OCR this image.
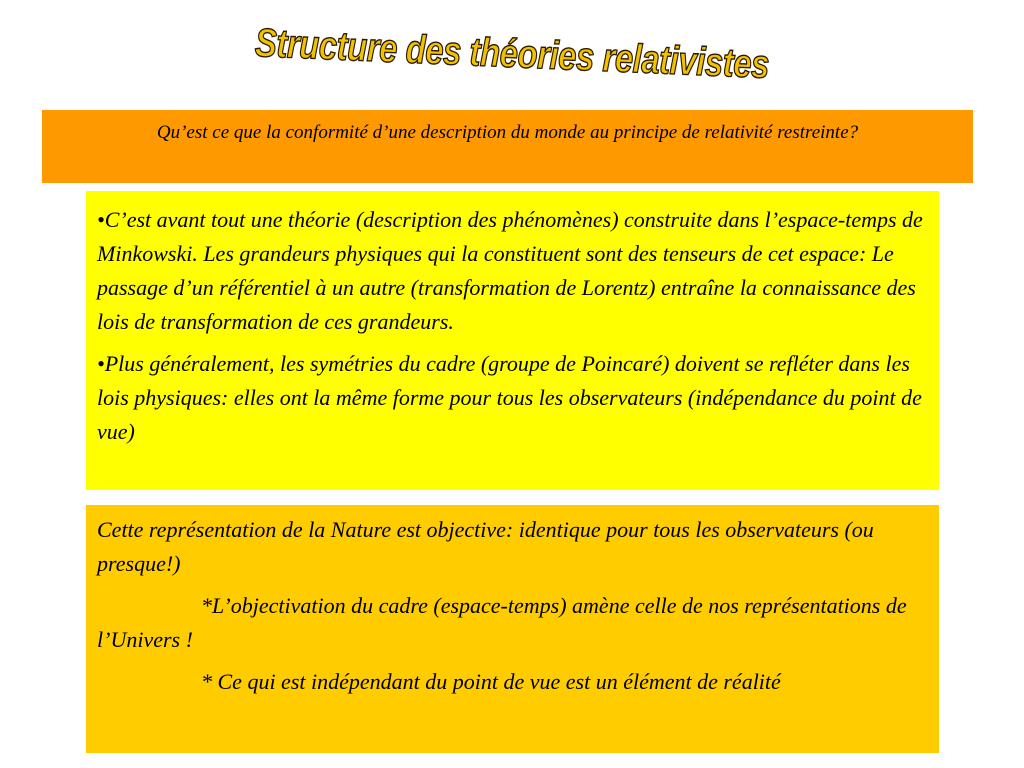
Structure des théories relativistes
Qu’est ce que la conformité d’une description du monde au principe de relativité restreinte?

•C’est avant tout une théorie (description des phénomènes) construite dans l’espace-temps de Minkowski. Les grandeurs physiques qui la constituent sont des tenseurs de cet espace: Le passage d’un référentiel à un autre (transformation de Lorentz) entraîne la connaissance des lois de transformation de ces grandeurs.

•Plus généralement, les symétries du cadre (groupe de Poincaré) doivent se refléter dans les lois physiques: elles ont la même forme pour tous les observateurs (indépendance du point de vue)

Cette représentation de la Nature est objective: identique pour tous les observateurs (ou presque!)

*L’objectivation du cadre (espace-temps) amène celle de nos représentations de l’Univers !

* Ce qui est indépendant du point de vue est un élément de réalité
